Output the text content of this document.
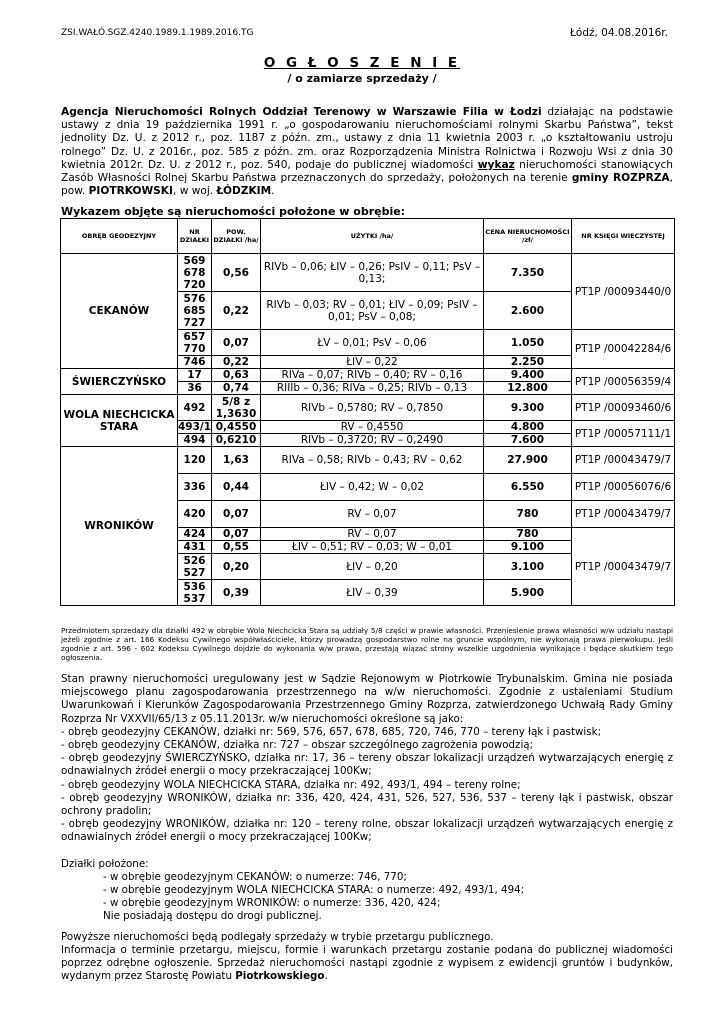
ZSI.WAŁÓ.SGZ.4240.1989.1.1989.2016.TG	Łódź, 04.08.2016r.
O G Ł O S Z E N I E
/ o zamiarze sprzedaży /
Agencja Nieruchomości Rolnych Oddział Terenowy w Warszawie Filia w Łodzi działając na podstawie ustawy z dnia 19 października 1991 r. „o gospodarowaniu nieruchomościami rolnymi Skarbu Państwa”, tekst jednolity Dz. U. z 2012 r., poz. 1187 z późn. zm., ustawy z dnia 11 kwietnia 2003 r. „o kształtowaniu ustroju rolnego” Dz. U. z 2016r., poz. 585 z późn. zm. oraz Rozporządzenia Ministra Rolnictwa i Rozwoju Wsi z dnia 30 kwietnia 2012r. Dz. U. z 2012 r., poz. 540, podaje do publicznej wiadomości wykaz nieruchomości stanowiących Zasób Własności Rolnej Skarbu Państwa przeznaczonych do sprzedaży, położonych na terenie gminy ROZPRZA, pow. PIOTRKOWSKI, w woj. ŁÓDZKIM.
Wykazem objęte są nieruchomości położone w obrębie:
OBRĘB GEODEZYJNY	NR DZIAŁKI	POW. DZIAŁKI /ha/	UŻYTKI /ha/	CENA NIERUCHOMOŚCI /zł/	NR KSIĘGI WIECZYSTEJ
CEKANÓW	569 678 720	0,56	RIVb – 0,06; ŁIV – 0,26; PsIV – 0,11; PsV – 0,13;	7.350	PT1P /00093440/0
	576 685 727	0,22	RIVb – 0,03; RV – 0,01; ŁIV – 0,09; PsIV – 0,01; PsV – 0,08;	2.600	
	657 770	0,07	ŁV – 0,01; PsV – 0,06	1.050	PT1P /00042284/6
	746	0,22	ŁIV – 0,22	2.250	
ŚWIERCZYŃSKO	17	0,63	RIVa – 0,07; RIVb – 0,40; RV – 0,16	9.400	PT1P /00056359/4
	36	0,74	RIIIb – 0,36; RIVa – 0,25; RIVb – 0,13	12.800	
WOLA NIECHCICKA STARA	492	5/8 z 1,3630	RIVb – 0,5780; RV – 0,7850	9.300	PT1P /00093460/6
	493/1	0,4550	RV – 0,4550	4.800	PT1P /00057111/1
	494	0,6210	RIVb – 0,3720; RV – 0,2490	7.600	
WRONIKÓW	120	1,63	RIVa – 0,58; RIVb – 0,43; RV – 0,62	27.900	PT1P /00043479/7
	336	0,44	ŁIV – 0,42; W – 0,02	6.550	PT1P /00056076/6
	420	0,07	RV – 0,07	780	PT1P /00043479/7
	424	0,07	RV – 0,07	780	PT1P /00043479/7
	431	0,55	ŁIV – 0,51; RV – 0,03; W – 0,01	9.100	
	526 527	0,20	ŁIV – 0,20	3.100	
	536 537	0,39	ŁIV – 0,39	5.900	
Przedmiotem sprzedaży dla działki 492 w obrębie Wola Niechcicka Stara są udziały 5/8 części w prawie własności. Przeniesienie prawa własności w/w udziału nastąpi jeżeli zgodnie z art. 166 Kodeksu Cywilnego współwłaściciele, którzy prowadzą gospodarstwo rolne na gruncie wspólnym, nie wykonają prawa pierwokupu. Jeśli zgodnie z art. 596 - 602 Kodeksu Cywilnego dojdzie do wykonania w/w prawa, przestają wiązać strony wszelkie uzgodnienia wynikające i będące skutkiem tego ogłoszenia.
Stan prawny nieruchomości uregulowany jest w Sądzie Rejonowym w Piotrkowie Trybunalskim. Gmina nie posiada miejscowego planu zagospodarowania przestrzennego na w/w nieruchomości. Zgodnie z ustaleniami Studium Uwarunkowań i Kierunków Zagospodarowania Przestrzennego Gminy Rozprza, zatwierdzonego Uchwałą Rady Gminy Rozprza Nr VXXVII/65/13 z 05.11.2013r. w/w nieruchomości określone są jako:
- obręb geodezyjny CEKANÓW, działki nr: 569, 576, 657, 678, 685, 720, 746, 770 – tereny łąk i pastwisk;
- obręb geodezyjny CEKANÓW, działka nr: 727 – obszar szczególnego zagrożenia powodzią;
- obręb geodezyjny ŚWIERCZYŃSKO, działka nr: 17, 36 – tereny obszar lokalizacji urządzeń wytwarzających energię z odnawialnych źródeł energii o mocy przekraczającej 100Kw;
- obręb geodezyjny WOLA NIECHCICKA STARA, działka nr: 492, 493/1, 494 – tereny rolne;
- obręb geodezyjny WRONIKÓW, działka nr: 336, 420, 424, 431, 526, 527, 536, 537 – tereny łąk i pastwisk, obszar ochrony pradolin;
- obręb geodezyjny WRONIKÓW, działka nr: 120 – tereny rolne, obszar lokalizacji urządzeń wytwarzających energię z odnawialnych źródeł energii o mocy przekraczającej 100Kw;
Działki położone:
- w obrębie geodezyjnym CEKANÓW: o numerze: 746, 770;
- w obrębie geodezyjnym WOLA NIECHCICKA STARA: o numerze: 492, 493/1, 494;
- w obrębie geodezyjnym WRONIKÓW: o numerze: 336, 420, 424;
Nie posiadają dostępu do drogi publicznej.
Powyższe nieruchomości będą podlegały sprzedaży w trybie przetargu publicznego.
Informacja o terminie przetargu, miejscu, formie i warunkach przetargu zostanie podana do publicznej wiadomości poprzez odrębne ogłoszenie. Sprzedaż nieruchomości nastąpi zgodnie z wypisem z ewidencji gruntów i budynków, wydanym przez Starostę Powiatu Piotrkowskiego.
